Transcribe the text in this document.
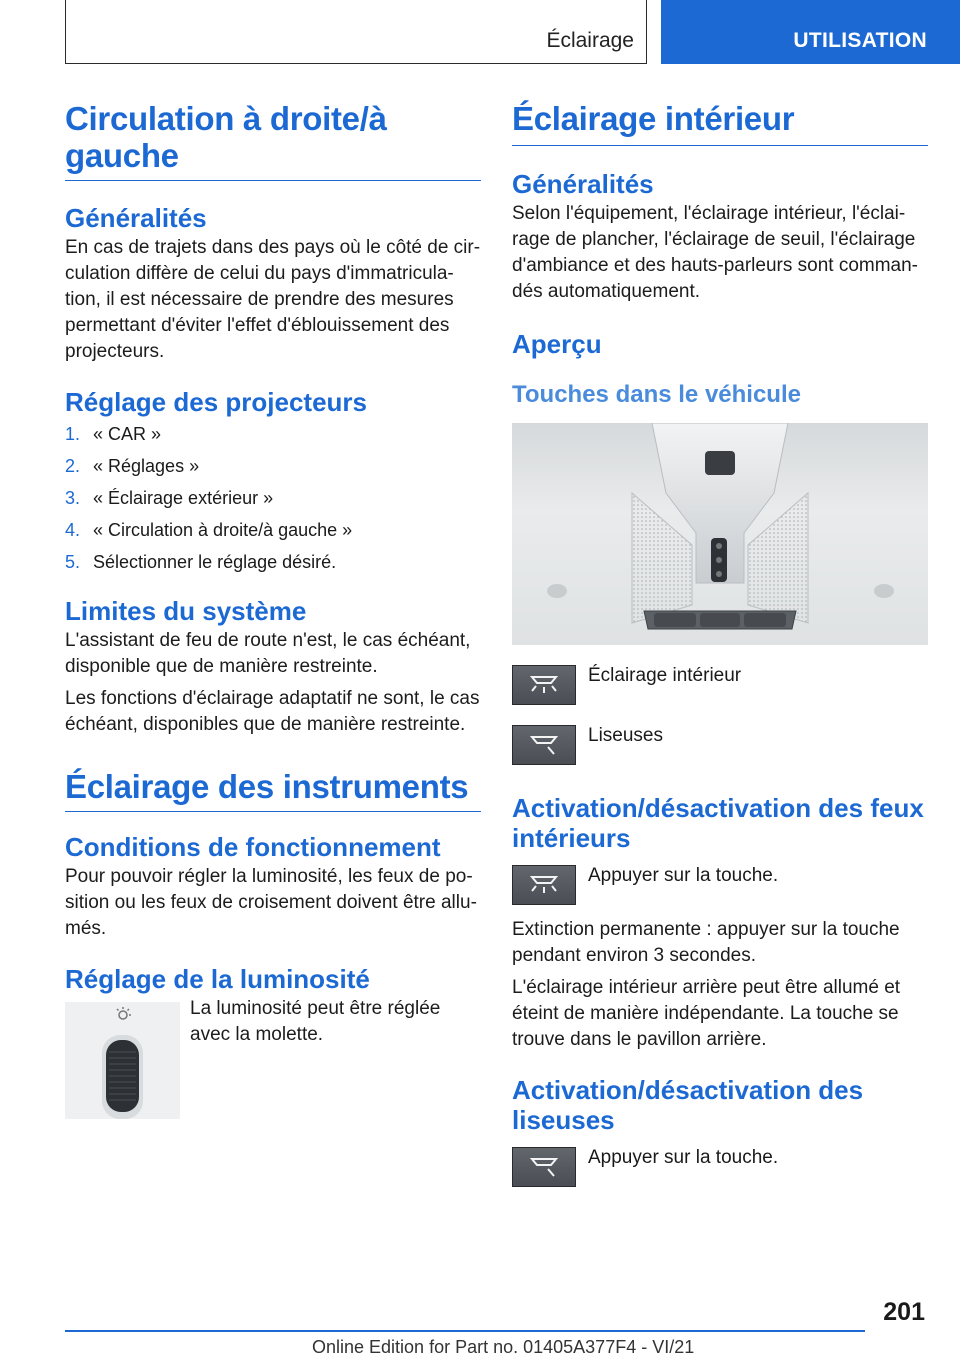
Éclairage	UTILISATION
Circulation à droite/à gauche
Généralités

En cas de trajets dans des pays où le côté de circulation diffère de celui du pays d'immatriculation, il est nécessaire de prendre des mesures permettant d'éviter l'effet d'éblouissement des projecteurs.

Réglage des projecteurs
1. « CAR »
2. « Réglages »
3. « Éclairage extérieur »
4. « Circulation à droite/à gauche »
5. Sélectionner le réglage désiré.
Limites du système

L'assistant de feu de route n'est, le cas échéant, disponible que de manière restreinte.

Les fonctions d'éclairage adaptatif ne sont, le cas échéant, disponibles que de manière restreinte.

Éclairage des instruments
Conditions de fonctionnement

Pour pouvoir régler la luminosité, les feux de position ou les feux de croisement doivent être allumés.

Réglage de la luminosité

La luminosité peut être réglée avec la molette.

Éclairage intérieur
Généralités

Selon l'équipement, l'éclairage intérieur, l'éclairage de plancher, l'éclairage de seuil, l'éclairage d'ambiance et des hauts-parleurs sont commandés automatiquement.

Aperçu
Touches dans le véhicule
Éclairage intérieur
Liseuses
Activation/désactivation des feux intérieurs
Appuyer sur la touche.

Extinction permanente : appuyer sur la touche pendant environ 3 secondes.

L'éclairage intérieur arrière peut être allumé et éteint de manière indépendante. La touche se trouve dans le pavillon arrière.

Activation/désactivation des liseuses
Appuyer sur la touche.
201
Online Edition for Part no. 01405A377F4 - VI/21
